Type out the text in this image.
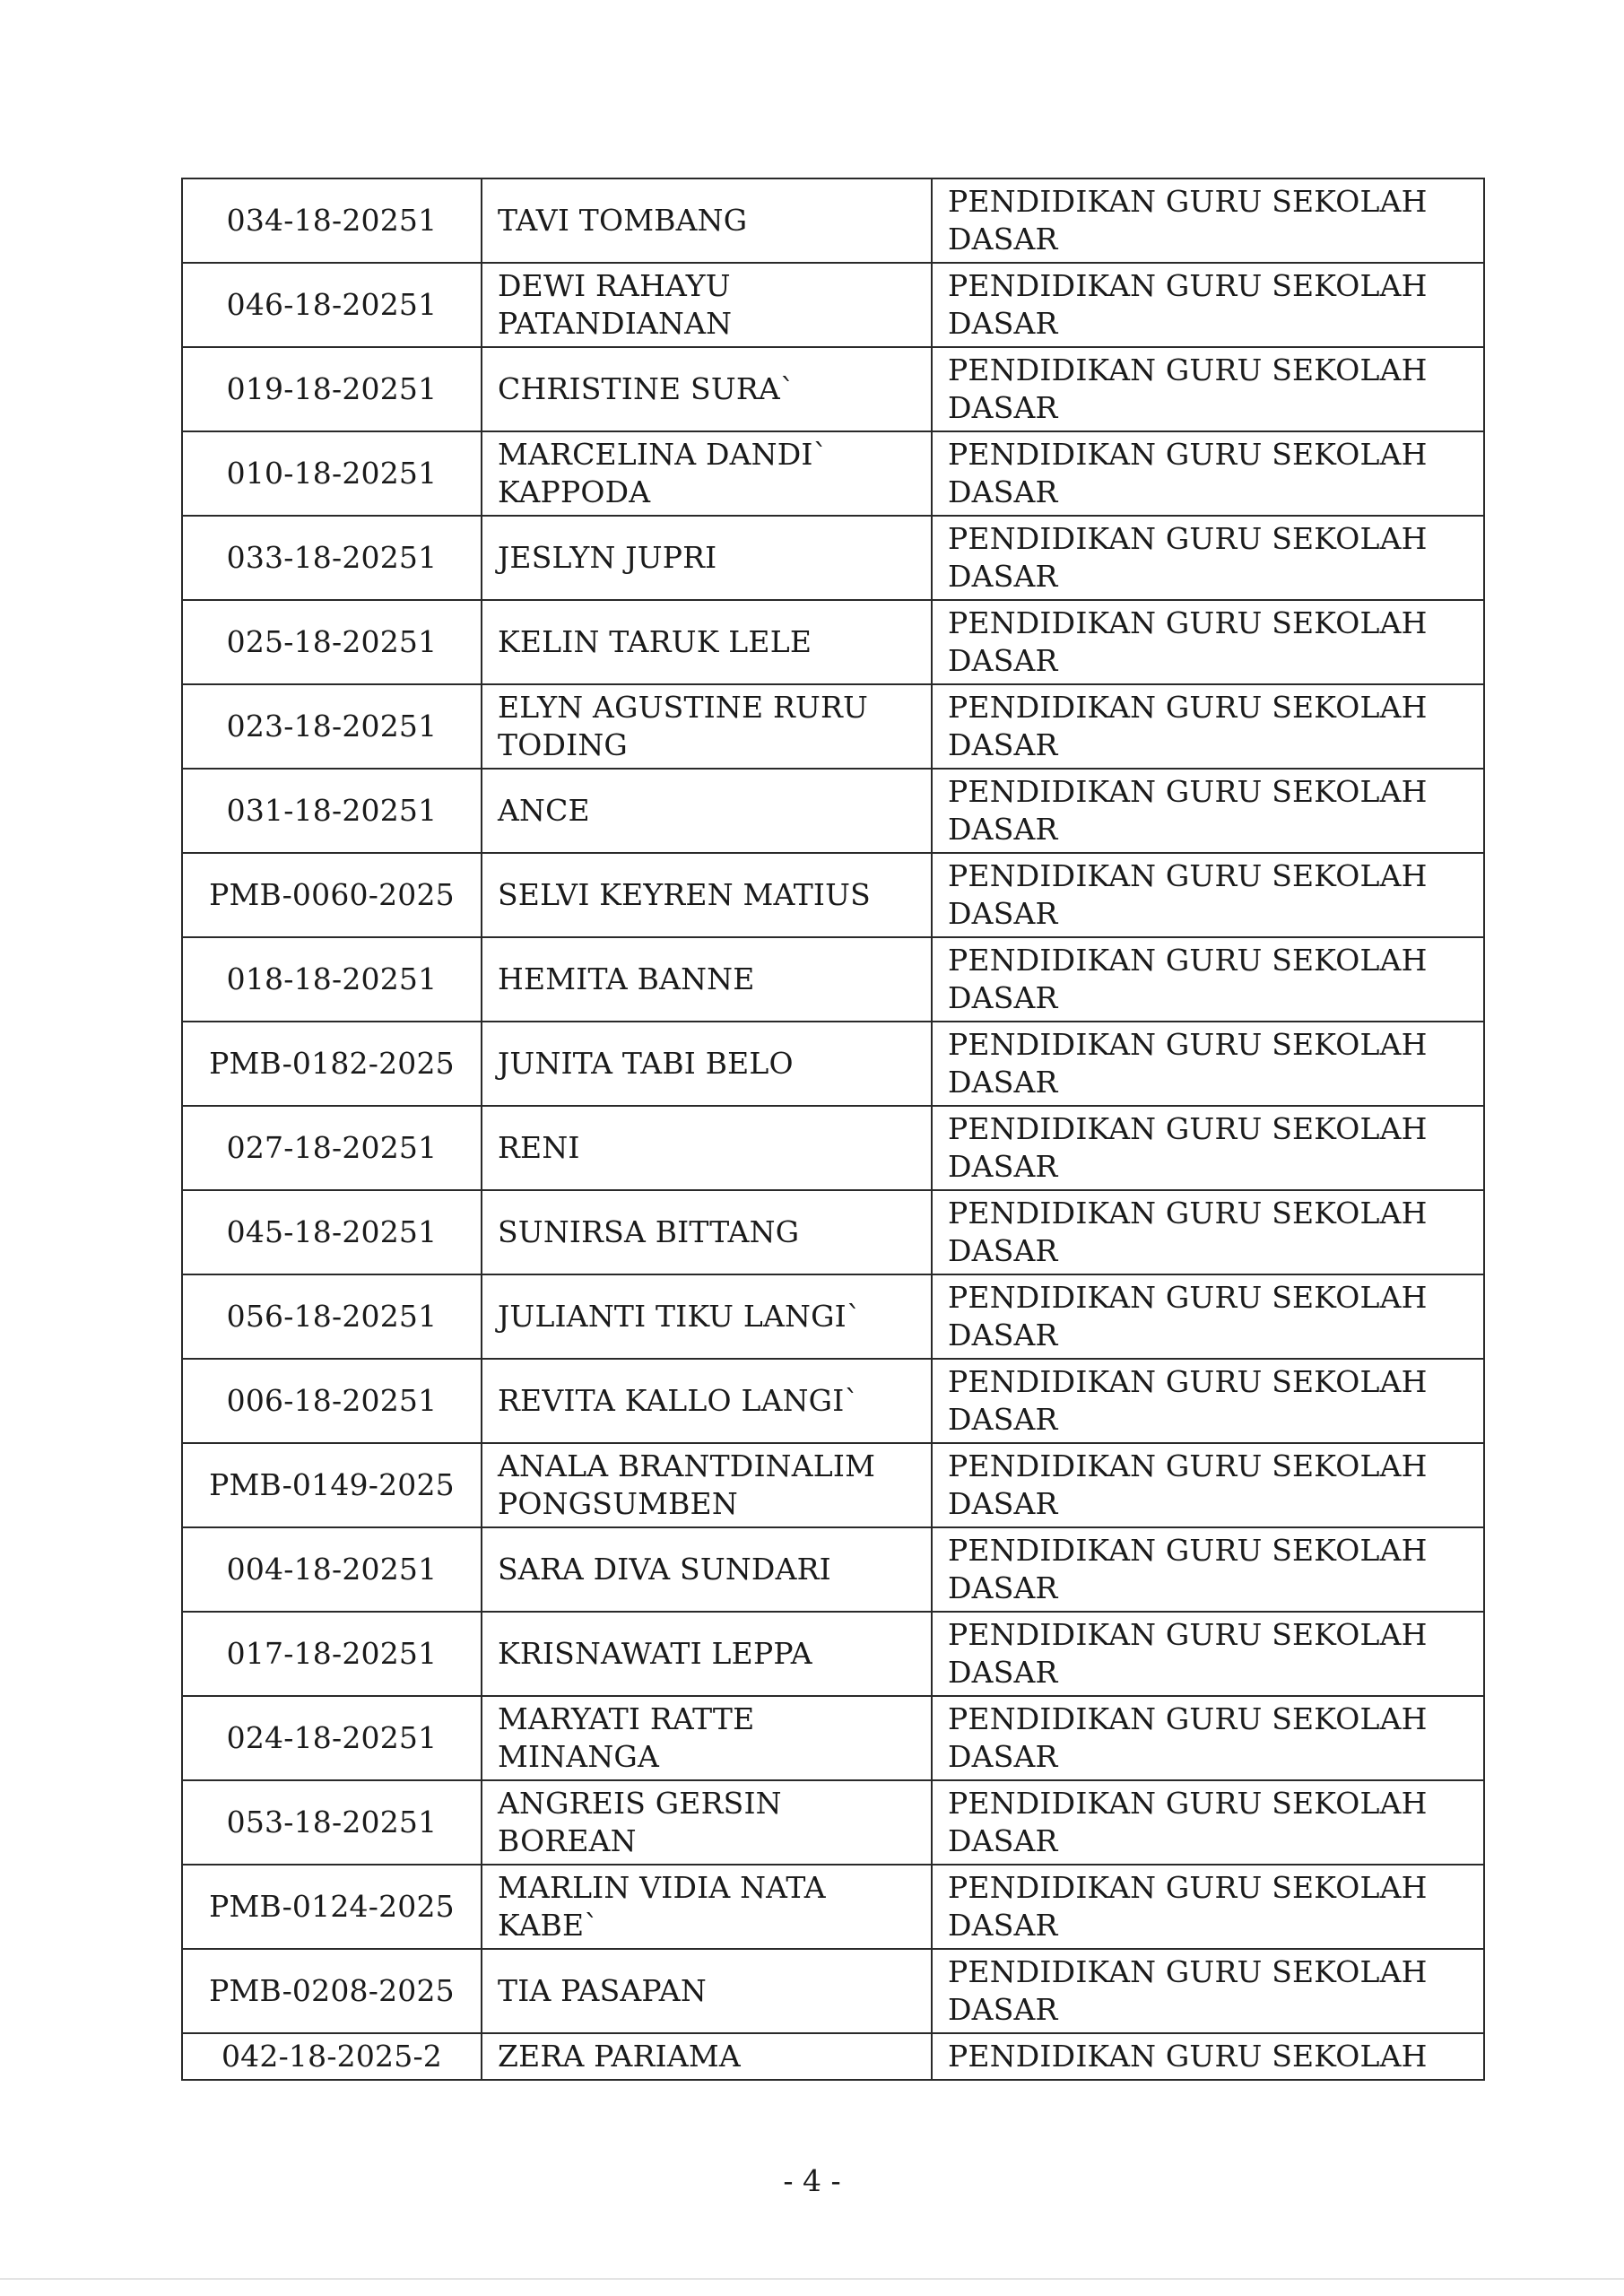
034-18-20251	TAVI TOMBANG	PENDIDIKAN GURU SEKOLAH DASAR
046-18-20251	DEWI RAHAYU PATANDIANAN	PENDIDIKAN GURU SEKOLAH DASAR
019-18-20251	CHRISTINE SURA`	PENDIDIKAN GURU SEKOLAH DASAR
010-18-20251	MARCELINA DANDI` KAPPODA	PENDIDIKAN GURU SEKOLAH DASAR
033-18-20251	JESLYN JUPRI	PENDIDIKAN GURU SEKOLAH DASAR
025-18-20251	KELIN TARUK LELE	PENDIDIKAN GURU SEKOLAH DASAR
023-18-20251	ELYN AGUSTINE RURU TODING	PENDIDIKAN GURU SEKOLAH DASAR
031-18-20251	ANCE	PENDIDIKAN GURU SEKOLAH DASAR
PMB-0060-2025	SELVI KEYREN MATIUS	PENDIDIKAN GURU SEKOLAH DASAR
018-18-20251	HEMITA BANNE	PENDIDIKAN GURU SEKOLAH DASAR
PMB-0182-2025	JUNITA TABI BELO	PENDIDIKAN GURU SEKOLAH DASAR
027-18-20251	RENI	PENDIDIKAN GURU SEKOLAH DASAR
045-18-20251	SUNIRSA BITTANG	PENDIDIKAN GURU SEKOLAH DASAR
056-18-20251	JULIANTI TIKU LANGI`	PENDIDIKAN GURU SEKOLAH DASAR
006-18-20251	REVITA KALLO LANGI`	PENDIDIKAN GURU SEKOLAH DASAR
PMB-0149-2025	ANALA BRANTDINALIM PONGSUMBEN	PENDIDIKAN GURU SEKOLAH DASAR
004-18-20251	SARA DIVA SUNDARI	PENDIDIKAN GURU SEKOLAH DASAR
017-18-20251	KRISNAWATI LEPPA	PENDIDIKAN GURU SEKOLAH DASAR
024-18-20251	MARYATI RATTE MINANGA	PENDIDIKAN GURU SEKOLAH DASAR
053-18-20251	ANGREIS GERSIN BOREAN	PENDIDIKAN GURU SEKOLAH DASAR
PMB-0124-2025	MARLIN VIDIA NATA KABE`	PENDIDIKAN GURU SEKOLAH DASAR
PMB-0208-2025	TIA PASAPAN	PENDIDIKAN GURU SEKOLAH DASAR
042-18-2025-2	ZERA PARIAMA	PENDIDIKAN GURU SEKOLAH
- 4 -
